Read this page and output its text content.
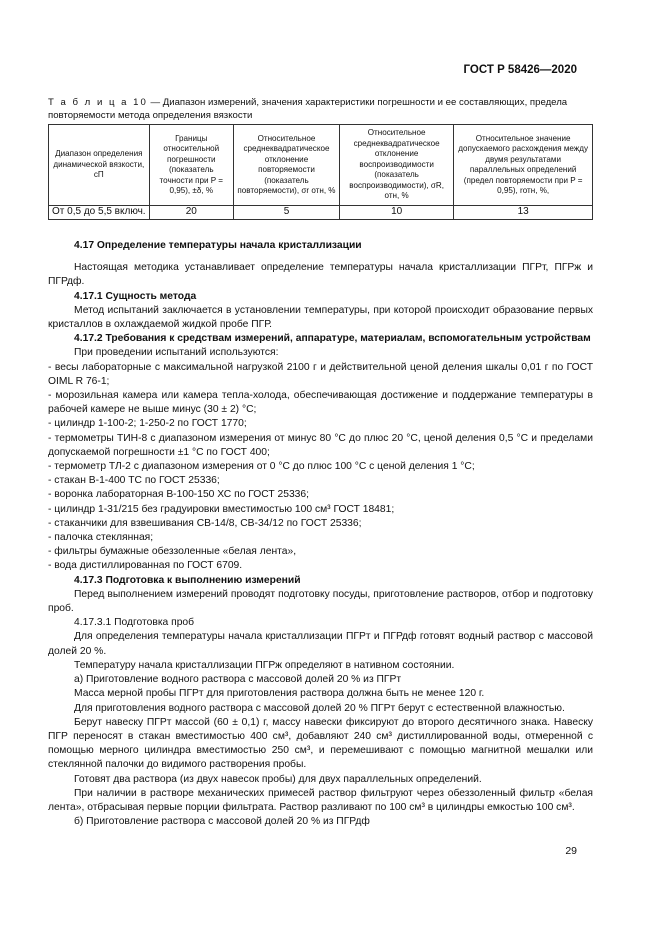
ГОСТ Р 58426—2020
Т а б л и ц а 10 — Диапазон измерений, значения характеристики погрешности и ее составляющих, предела повторяемости метода определения вязкости
Диапазон определения динамической вязкости, сП	Границы относительной погрешности (показатель точности при P = 0,95), ±δ, %	Относительное среднеквадратическое отклонение повторяемости (показатель повторяемости), σr отн, %	Относительное среднеквадратическое отклонение воспроизводимости (показатель воспроизводимости), σR, отн, %	Относительное значение допускаемого расхождения между двумя результатами параллельных определений (предел повторяемости при P = 0,95), rотн, %,
От 0,5 до 5,5 включ.	20	5	10	13

4.17 Определение температуры начала кристаллизации

Настоящая методика устанавливает определение температуры начала кристаллизации ПГРт, ПГРж и ПГРдф.

4.17.1 Сущность метода

Метод испытаний заключается в установлении температуры, при которой происходит образование первых кристаллов в охлаждаемой жидкой пробе ПГР.

4.17.2 Требования к средствам измерений, аппаратуре, материалам, вспомогательным устройствам

При проведении испытаний используются:

- весы лабораторные с максимальной нагрузкой 2100 г и действительной ценой деления шкалы 0,01 г по ГОСТ OIML R 76-1;

- морозильная камера или камера тепла-холода, обеспечивающая достижение и поддержание температуры в рабочей камере не выше минус (30 ± 2) °С;

- цилиндр 1-100-2; 1-250-2 по ГОСТ 1770;

- термометры ТИН-8 с диапазоном измерения от минус 80 °С до плюс 20 °С, ценой деления 0,5 °С и пределами допускаемой погрешности ±1 °С по ГОСТ 400;

- термометр ТЛ-2 с диапазоном измерения от 0 °С до плюс 100 °С с ценой деления 1 °С;

- стакан В-1-400 ТС по ГОСТ 25336;

- воронка лабораторная В-100-150 ХС по ГОСТ 25336;

- цилиндр 1-31/215 без градуировки вместимостью 100 см³ ГОСТ 18481;

- стаканчики для взвешивания СВ-14/8, СВ-34/12 по ГОСТ 25336;

- палочка стеклянная;

- фильтры бумажные обеззоленные «белая лента»,

- вода дистиллированная по ГОСТ 6709.

4.17.3 Подготовка к выполнению измерений

Перед выполнением измерений проводят подготовку посуды, приготовление растворов, отбор и подготовку проб.

4.17.3.1 Подготовка проб

Для определения температуры начала кристаллизации ПГРт и ПГРдф готовят водный раствор с массовой долей 20 %.

Температуру начала кристаллизации ПГРж определяют в нативном состоянии.

а) Приготовление водного раствора с массовой долей 20 % из ПГРт

Масса мерной пробы ПГРт для приготовления раствора должна быть не менее 120 г.

Для приготовления водного раствора с массовой долей 20 % ПГРт берут с естественной влажностью.

Берут навеску ПГРт массой (60 ± 0,1) г, массу навески фиксируют до второго десятичного знака. Навеску ПГР переносят в стакан вместимостью 400 см³, добавляют 240 см³ дистиллированной воды, отмеренной с помощью мерного цилиндра вместимостью 250 см³, и перемешивают с помощью магнитной мешалки или стеклянной палочки до видимого растворения пробы.

Готовят два раствора (из двух навесок пробы) для двух параллельных определений.

При наличии в растворе механических примесей раствор фильтруют через обеззоленный фильтр «белая лента», отбрасывая первые порции фильтрата. Раствор разливают по 100 см³ в цилиндры емкостью 100 см³.

б) Приготовление раствора с массовой долей 20 % из ПГРдф

29
